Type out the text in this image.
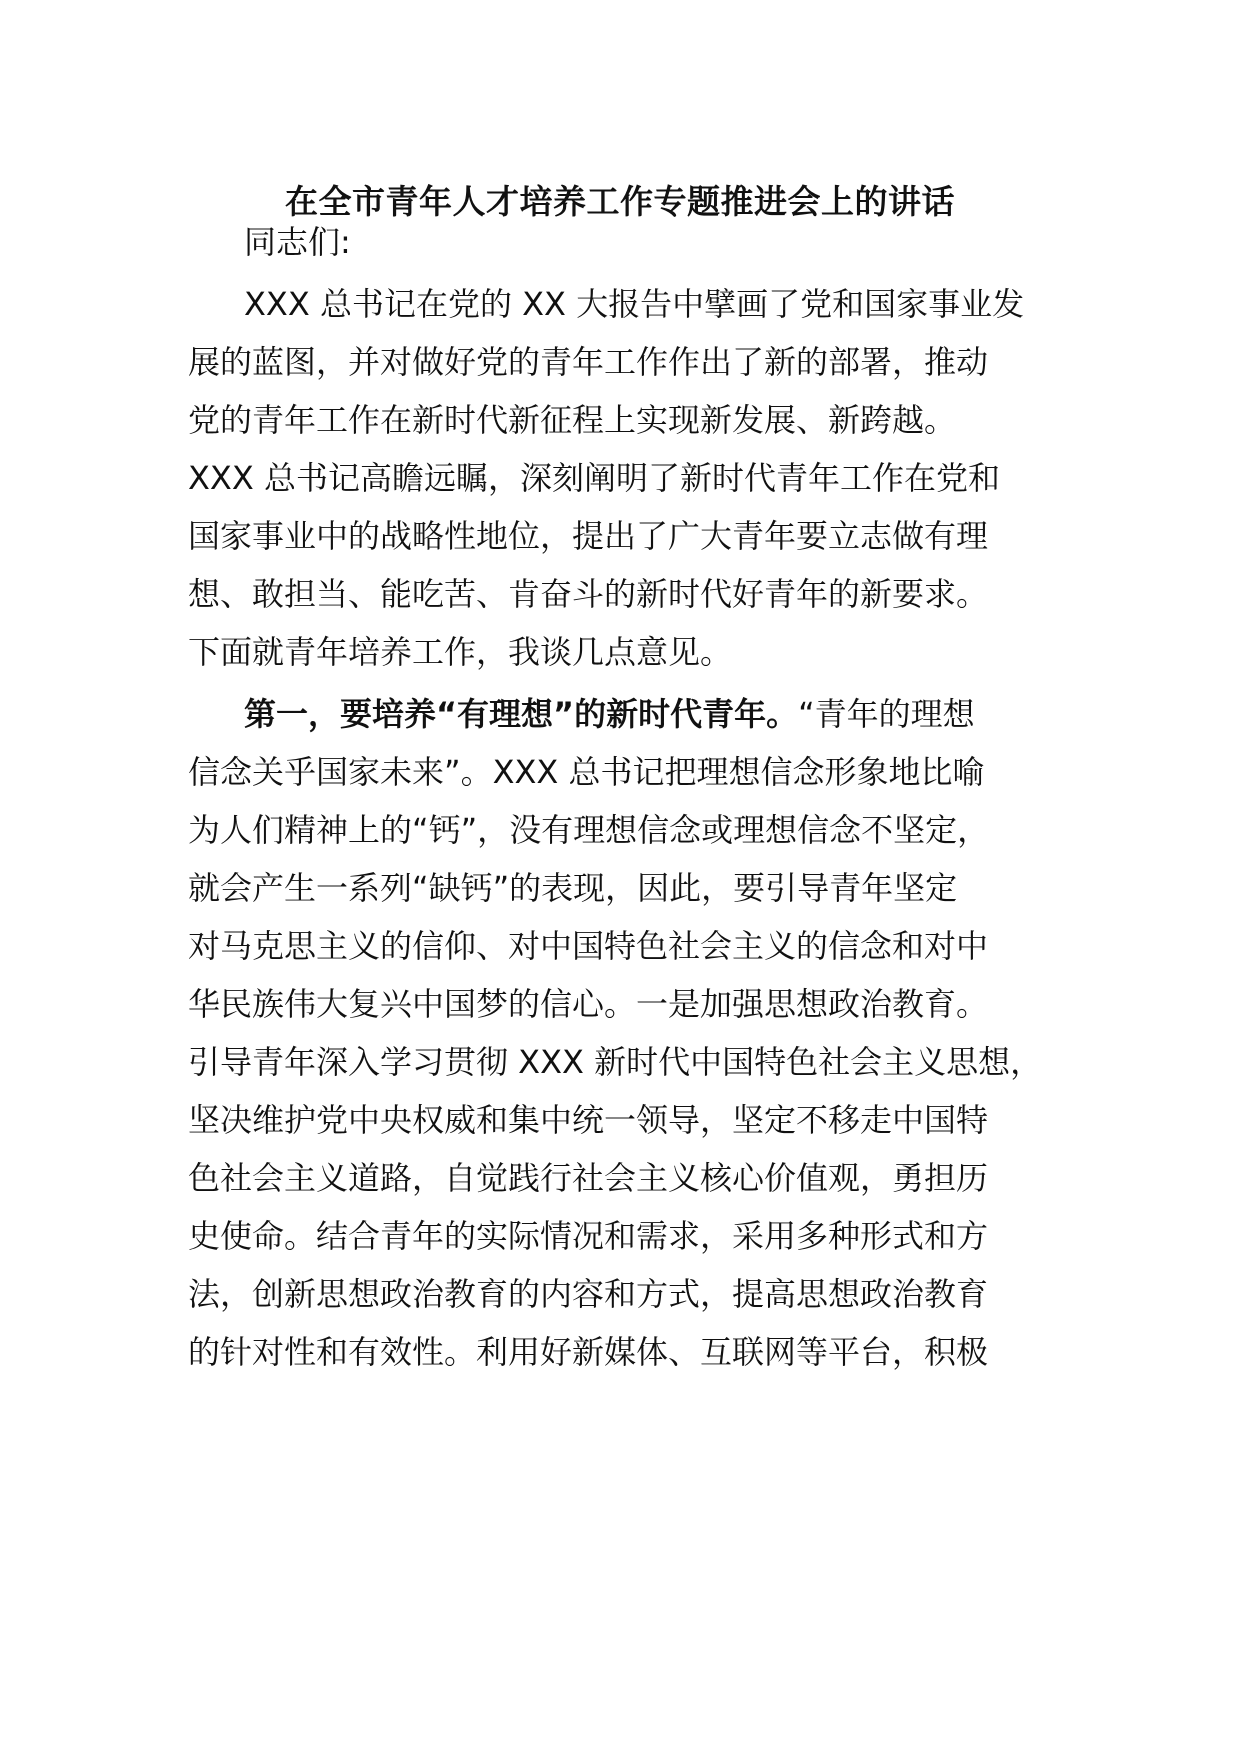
在全市青年人才培养工作专题推进会上的讲话
同志们:
XXX 总书记在党的 XX 大报告中擘画了党和国家事业发
展的蓝图，并对做好党的青年工作作出了新的部署，推动
党的青年工作在新时代新征程上实现新发展、新跨越。
XXX 总书记高瞻远瞩，深刻阐明了新时代青年工作在党和
国家事业中的战略性地位，提出了广大青年要立志做有理
想、敢担当、能吃苦、肯奋斗的新时代好青年的新要求。
下面就青年培养工作，我谈几点意见。
第一，要培养“有理想”的新时代青年。“青年的理想
信念关乎国家未来”。XXX 总书记把理想信念形象地比喻
为人们精神上的“钙”，没有理想信念或理想信念不坚定，
就会产生一系列“缺钙”的表现，因此，要引导青年坚定
对马克思主义的信仰、对中国特色社会主义的信念和对中
华民族伟大复兴中国梦的信心。一是加强思想政治教育。
引导青年深入学习贯彻 XXX 新时代中国特色社会主义思想，
坚决维护党中央权威和集中统一领导，坚定不移走中国特
色社会主义道路，自觉践行社会主义核心价值观，勇担历
史使命。结合青年的实际情况和需求，采用多种形式和方
法，创新思想政治教育的内容和方式，提高思想政治教育
的针对性和有效性。利用好新媒体、互联网等平台，积极
